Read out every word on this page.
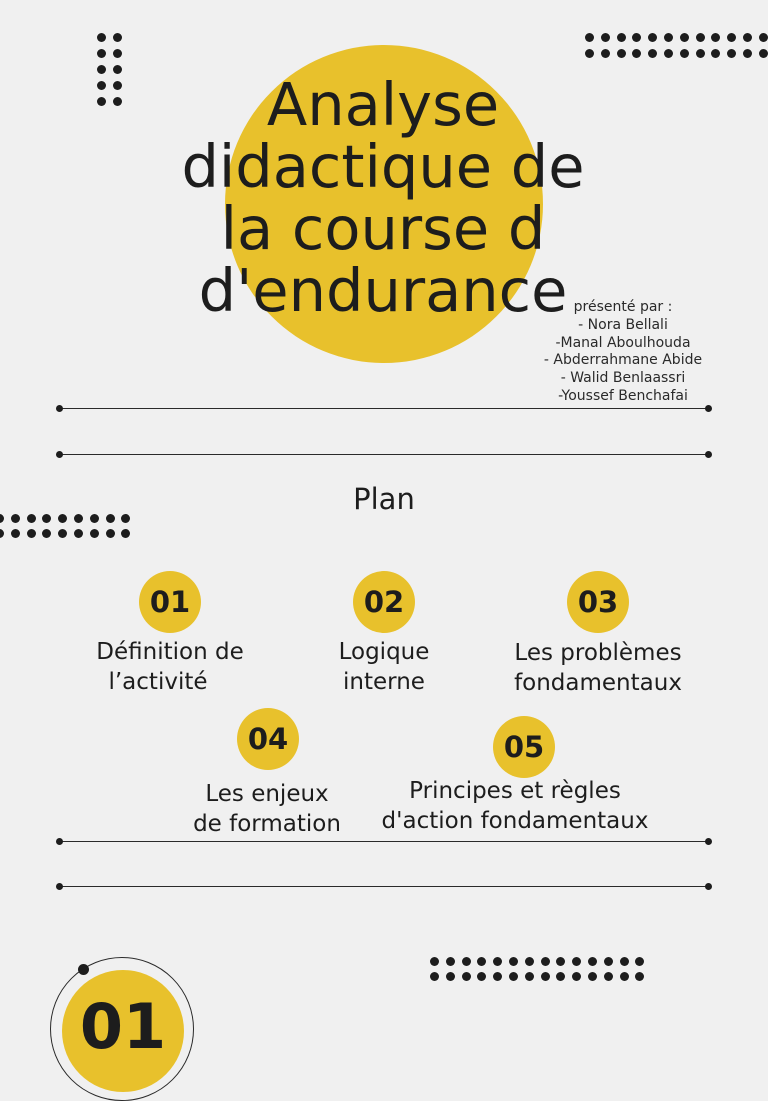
Analyse
didactique de
la course d
d'endurance présenté par :
- Nora Bellali
-Manal Aboulhouda
- Abderrahmane Abide
- Walid Benlaassri
-Youssef Benchafai
Plan
01
Définition de
l’activité
02
Logique
interne
03
Les problèmes
fondamentaux
04
Les enjeux
de formation
05
Principes et règles
d'action fondamentaux
01
